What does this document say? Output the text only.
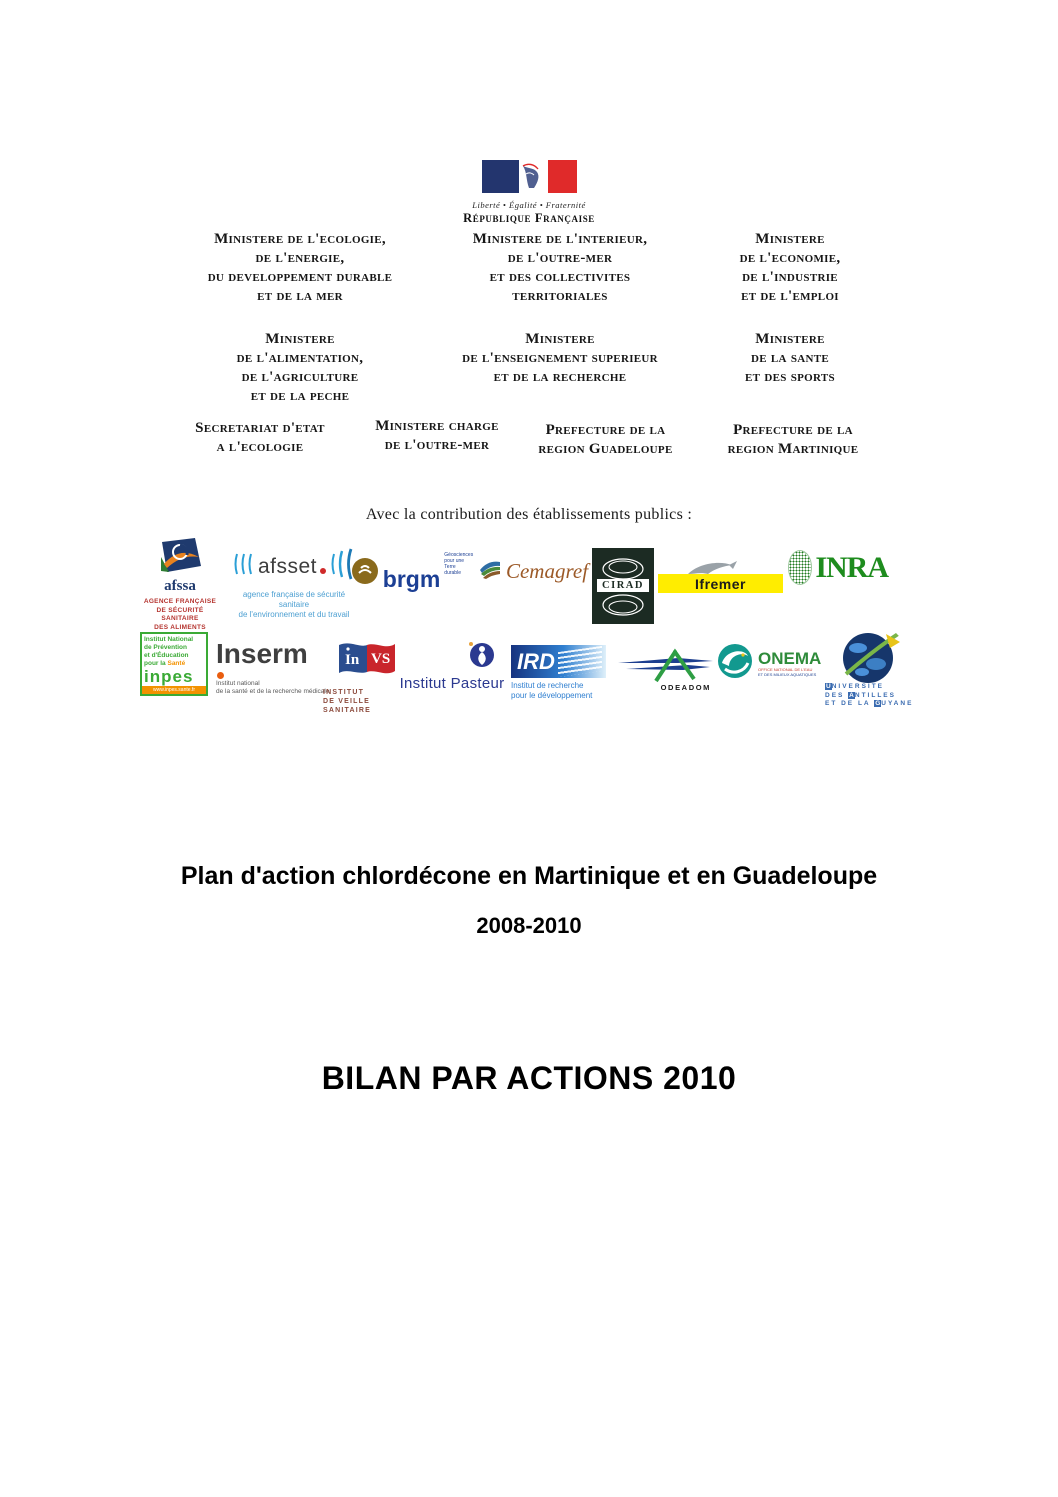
Liberté • Égalité • Fraternité
République Française
Ministere de l'ecologie,
de l'energie,
du developpement durable
et de la mer
Ministere de l'interieur,
de l'outre-mer
et des collectivites
territoriales
Ministere
de l'economie,
de l'industrie
et de l'emploi
Ministere
de l'alimentation,
de l'agriculture
et de la peche
Ministere
de l'enseignement superieur
et de la recherche
Ministere
de la sante
et des sports
Secretariat d'etat
a l'ecologie
Ministere charge
de l'outre-mer
Prefecture de la
region Guadeloupe
Prefecture de la
region Martinique
Avec la contribution des établissements publics :
afssa
AGENCE FRANÇAISE
DE SÉCURITÉ SANITAIRE
DES ALIMENTS
afsset
agence française de sécurité sanitaire
de l'environnement et du travail
brgm
Géosciences pour une Terre durable	Cemagref
CIRAD	Ifremer INRA
Institut National
de Prévention
et d'Éducation
pour la Santé
inpes
www.inpes.sante.fr
Inserm
Institut national
de la santé et de la recherche médicale
In VS
INSTITUT
DE VEILLE SANITAIRE
Institut Pasteur
IRD
Institut de recherche
pour le développement
ODEADOM
ONEMA
OFFICE NATIONAL DE L'EAU
ET DES MILIEUX AQUATIQUES
UNIVERSITE
DES ANTILLES
ET DE LA GUYANE
Plan d'action chlordécone en Martinique et en Guadeloupe
2008-2010
BILAN PAR ACTIONS 2010
